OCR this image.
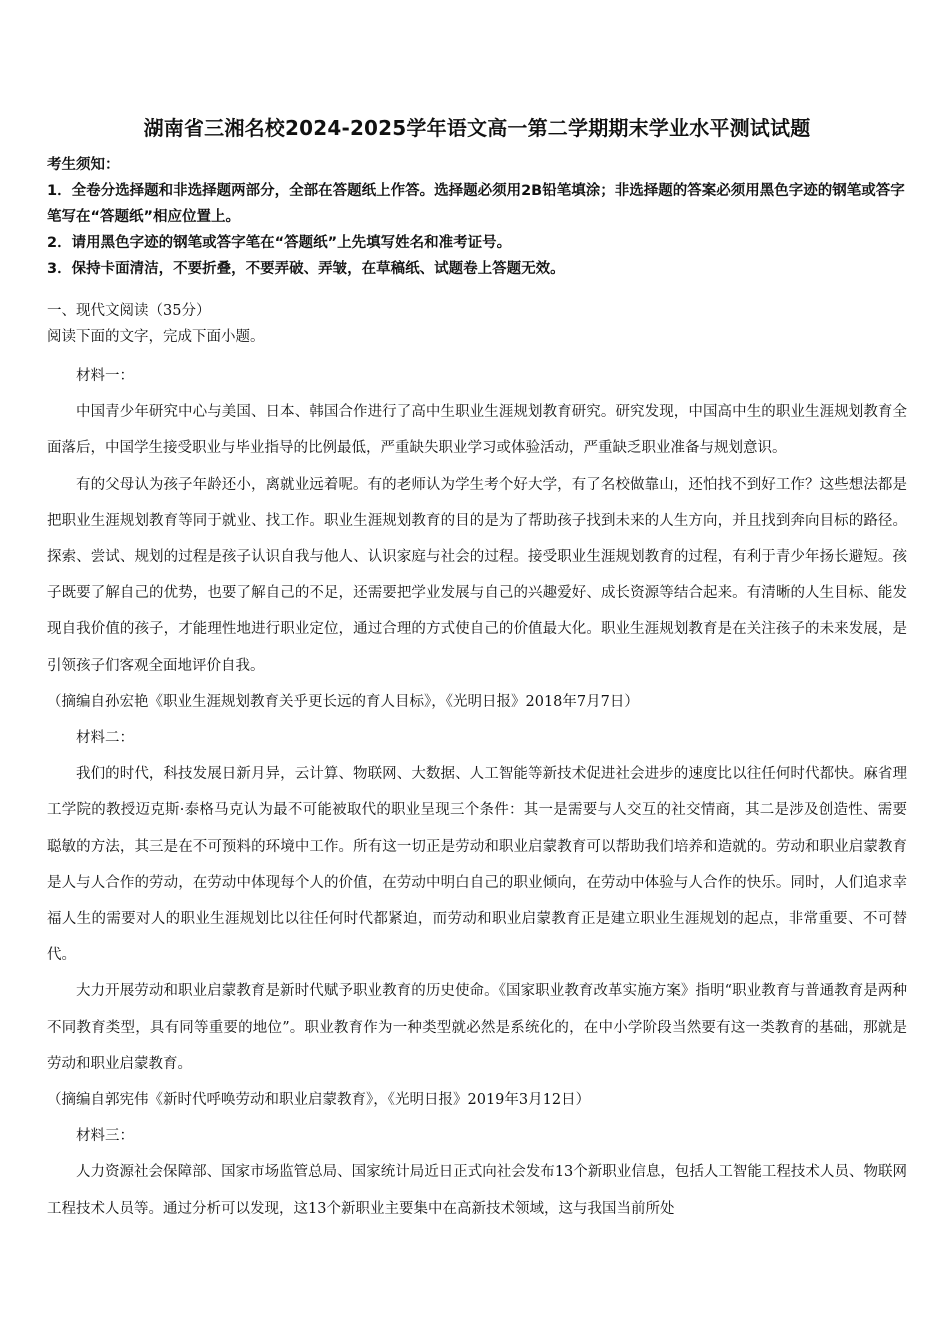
湖南省三湘名校2024-2025学年语文高一第二学期期末学业水平测试试题

考生须知：

1．全卷分选择题和非选择题两部分，全部在答题纸上作答。选择题必须用2B铅笔填涂；非选择题的答案必须用黑色字迹的钢笔或答字笔写在“答题纸”相应位置上。

2．请用黑色字迹的钢笔或答字笔在“答题纸”上先填写姓名和准考证号。

3．保持卡面清洁，不要折叠，不要弄破、弄皱，在草稿纸、试题卷上答题无效。

一、现代文阅读（35分）

阅读下面的文字，完成下面小题。

材料一：

中国青少年研究中心与美国、日本、韩国合作进行了高中生职业生涯规划教育研究。研究发现，中国高中生的职业生涯规划教育全面落后，中国学生接受职业与毕业指导的比例最低，严重缺失职业学习或体验活动，严重缺乏职业准备与规划意识。

有的父母认为孩子年龄还小，离就业远着呢。有的老师认为学生考个好大学，有了名校做靠山，还怕找不到好工作？这些想法都是把职业生涯规划教育等同于就业、找工作。职业生涯规划教育的目的是为了帮助孩子找到未来的人生方向，并且找到奔向目标的路径。探索、尝试、规划的过程是孩子认识自我与他人、认识家庭与社会的过程。接受职业生涯规划教育的过程，有利于青少年扬长避短。孩子既要了解自己的优势，也要了解自己的不足，还需要把学业发展与自己的兴趣爱好、成长资源等结合起来。有清晰的人生目标、能发现自我价值的孩子，才能理性地进行职业定位，通过合理的方式使自己的价值最大化。职业生涯规划教育是在关注孩子的未来发展，是引领孩子们客观全面地评价自我。

（摘编自孙宏艳《职业生涯规划教育关乎更长远的育人目标》，《光明日报》2018年7月7日）

材料二：

我们的时代，科技发展日新月异，云计算、物联网、大数据、人工智能等新技术促进社会进步的速度比以往任何时代都快。麻省理工学院的教授迈克斯·泰格马克认为最不可能被取代的职业呈现三个条件：其一是需要与人交互的社交情商，其二是涉及创造性、需要聪敏的方法，其三是在不可预料的环境中工作。所有这一切正是劳动和职业启蒙教育可以帮助我们培养和造就的。劳动和职业启蒙教育是人与人合作的劳动，在劳动中体现每个人的价值，在劳动中明白自己的职业倾向，在劳动中体验与人合作的快乐。同时，人们追求幸福人生的需要对人的职业生涯规划比以往任何时代都紧迫，而劳动和职业启蒙教育正是建立职业生涯规划的起点，非常重要、不可替代。

大力开展劳动和职业启蒙教育是新时代赋予职业教育的历史使命。《国家职业教育改革实施方案》指明“职业教育与普通教育是两种不同教育类型，具有同等重要的地位”。职业教育作为一种类型就必然是系统化的，在中小学阶段当然要有这一类教育的基础，那就是劳动和职业启蒙教育。

（摘编自郭宪伟《新时代呼唤劳动和职业启蒙教育》，《光明日报》2019年3月12日）

材料三：

人力资源社会保障部、国家市场监管总局、国家统计局近日正式向社会发布13个新职业信息，包括人工智能工程技术人员、物联网工程技术人员等。通过分析可以发现，这13个新职业主要集中在高新技术领域，这与我国当前所处
